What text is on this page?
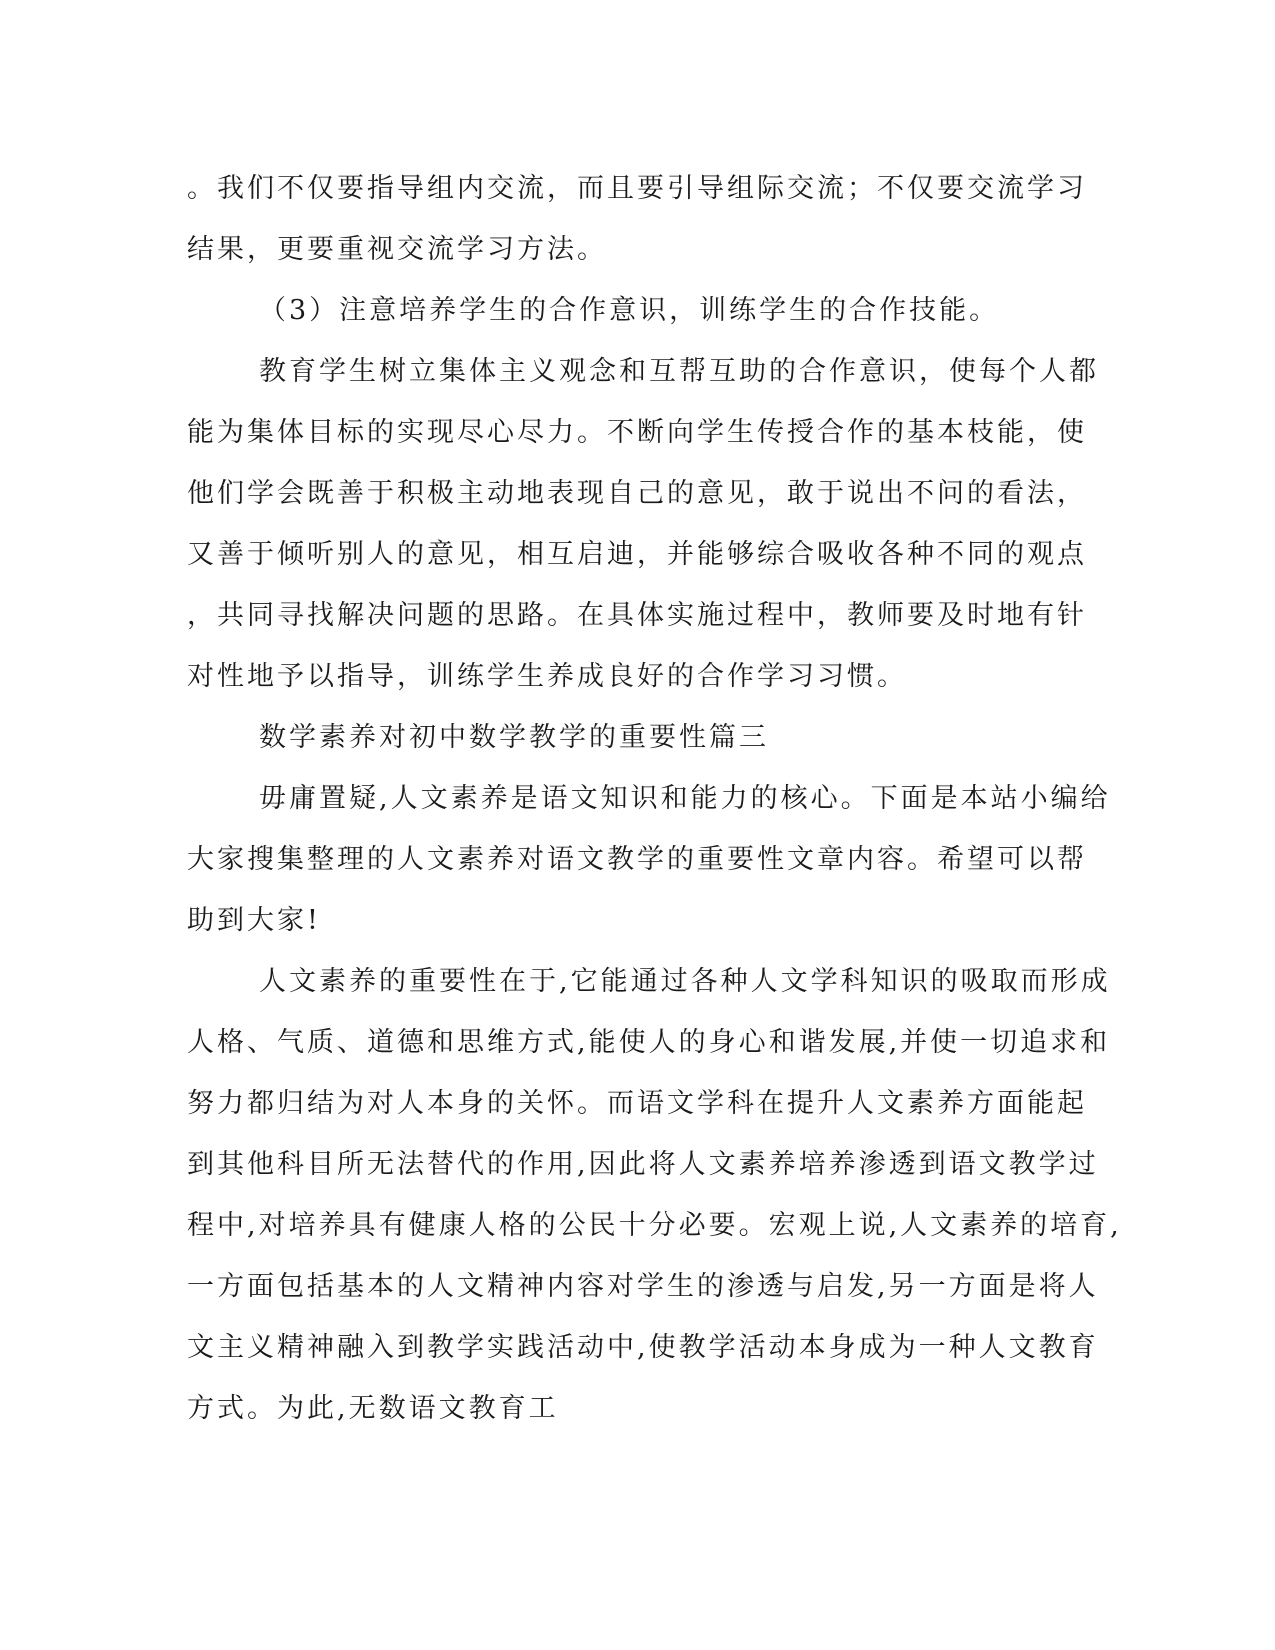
。我们不仅要指导组内交流，而且要引导组际交流；不仅要交流学习
结果，更要重视交流学习方法。
（3）注意培养学生的合作意识，训练学生的合作技能。
教育学生树立集体主义观念和互帮互助的合作意识，使每个人都
能为集体目标的实现尽心尽力。不断向学生传授合作的基本枝能，使
他们学会既善于积极主动地表现自己的意见，敢于说出不问的看法，
又善于倾听别人的意见，相互启迪，并能够综合吸收各种不同的观点
，共同寻找解决问题的思路。在具体实施过程中，教师要及时地有针
对性地予以指导，训练学生养成良好的合作学习习惯。
数学素养对初中数学教学的重要性篇三
毋庸置疑,人文素养是语文知识和能力的核心。下面是本站小编给
大家搜集整理的人文素养对语文教学的重要性文章内容。希望可以帮
助到大家!
人文素养的重要性在于,它能通过各种人文学科知识的吸取而形成
人格、气质、道德和思维方式,能使人的身心和谐发展,并使一切追求和
努力都归结为对人本身的关怀。而语文学科在提升人文素养方面能起
到其他科目所无法替代的作用,因此将人文素养培养渗透到语文教学过
程中,对培养具有健康人格的公民十分必要。宏观上说,人文素养的培育,
一方面包括基本的人文精神内容对学生的渗透与启发,另一方面是将人
文主义精神融入到教学实践活动中,使教学活动本身成为一种人文教育
方式。为此,无数语文教育工
